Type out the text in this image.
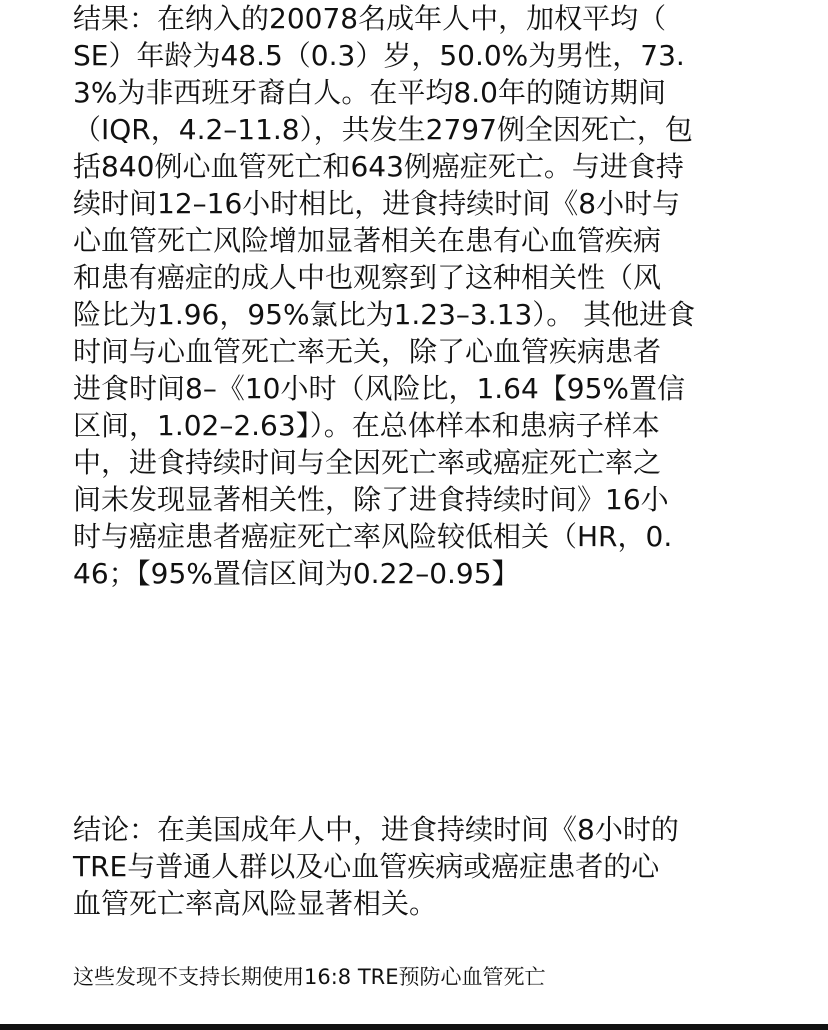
结果：在纳入的20078名成年人中，加权平均（
SE）年龄为48.5（0.3）岁，50.0%为男性，73.
3%为非西班牙裔白人。在平均8.0年的随访期间
（IQR，4.2–11.8），共发生2797例全因死亡，包
括840例心血管死亡和643例癌症死亡。与进食持
续时间12–16小时相比，进食持续时间《8小时与
心血管死亡风险增加显著相关在患有心血管疾病
和患有癌症的成人中也观察到了这种相关性（风
险比为1.96，95%氯比为1.23–3.13）。 其他进食
时间与心血管死亡率无关，除了心血管疾病患者
进食时间8–《10小时（风险比，1.64【95%置信
区间，1.02–2.63】）。在总体样本和患病子样本
中，进食持续时间与全因死亡率或癌症死亡率之
间未发现显著相关性，除了进食持续时间》16小
时与癌症患者癌症死亡率风险较低相关（HR，0.
46；【95%置信区间为0.22–0.95】
结论：在美国成年人中，进食持续时间《8小时的
TRE与普通人群以及心血管疾病或癌症患者的心
血管死亡率高风险显著相关。

这些发现不支持长期使用16:8 TRE预防心血管死亡
